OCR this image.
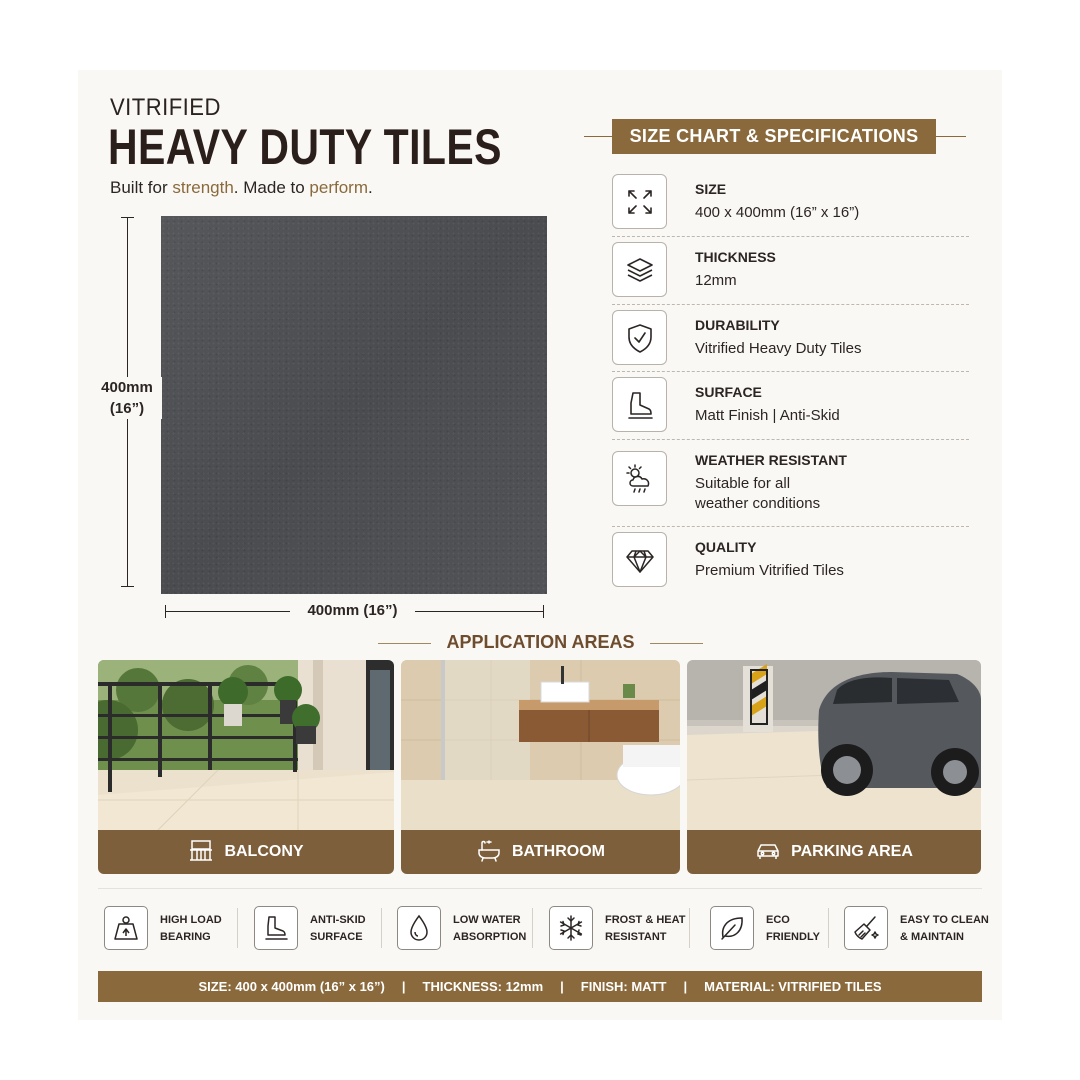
VITRIFIED
HEAVY DUTY TILES
Built for strength. Made to perform.
400mm
(16”)
400mm (16”)
SIZE CHART & SPECIFICATIONS
SIZE
400 x 400mm (16” x 16”)
THICKNESS
12mm
DURABILITY
Vitrified Heavy Duty Tiles
SURFACE
Matt Finish | Anti-Skid
WEATHER RESISTANT
Suitable for all
weather conditions
QUALITY
Premium Vitrified Tiles
APPLICATION AREAS
BALCONY	BATHROOM	PARKING AREA
HIGH LOAD
BEARING
ANTI-SKID
SURFACE
LOW WATER
ABSORPTION
FROST & HEAT
RESISTANT
ECO
FRIENDLY
EASY TO CLEAN
& MAINTAIN
SIZE: 400 x 400mm (16” x 16”) | THICKNESS: 12mm | FINISH: MATT | MATERIAL: VITRIFIED TILES
